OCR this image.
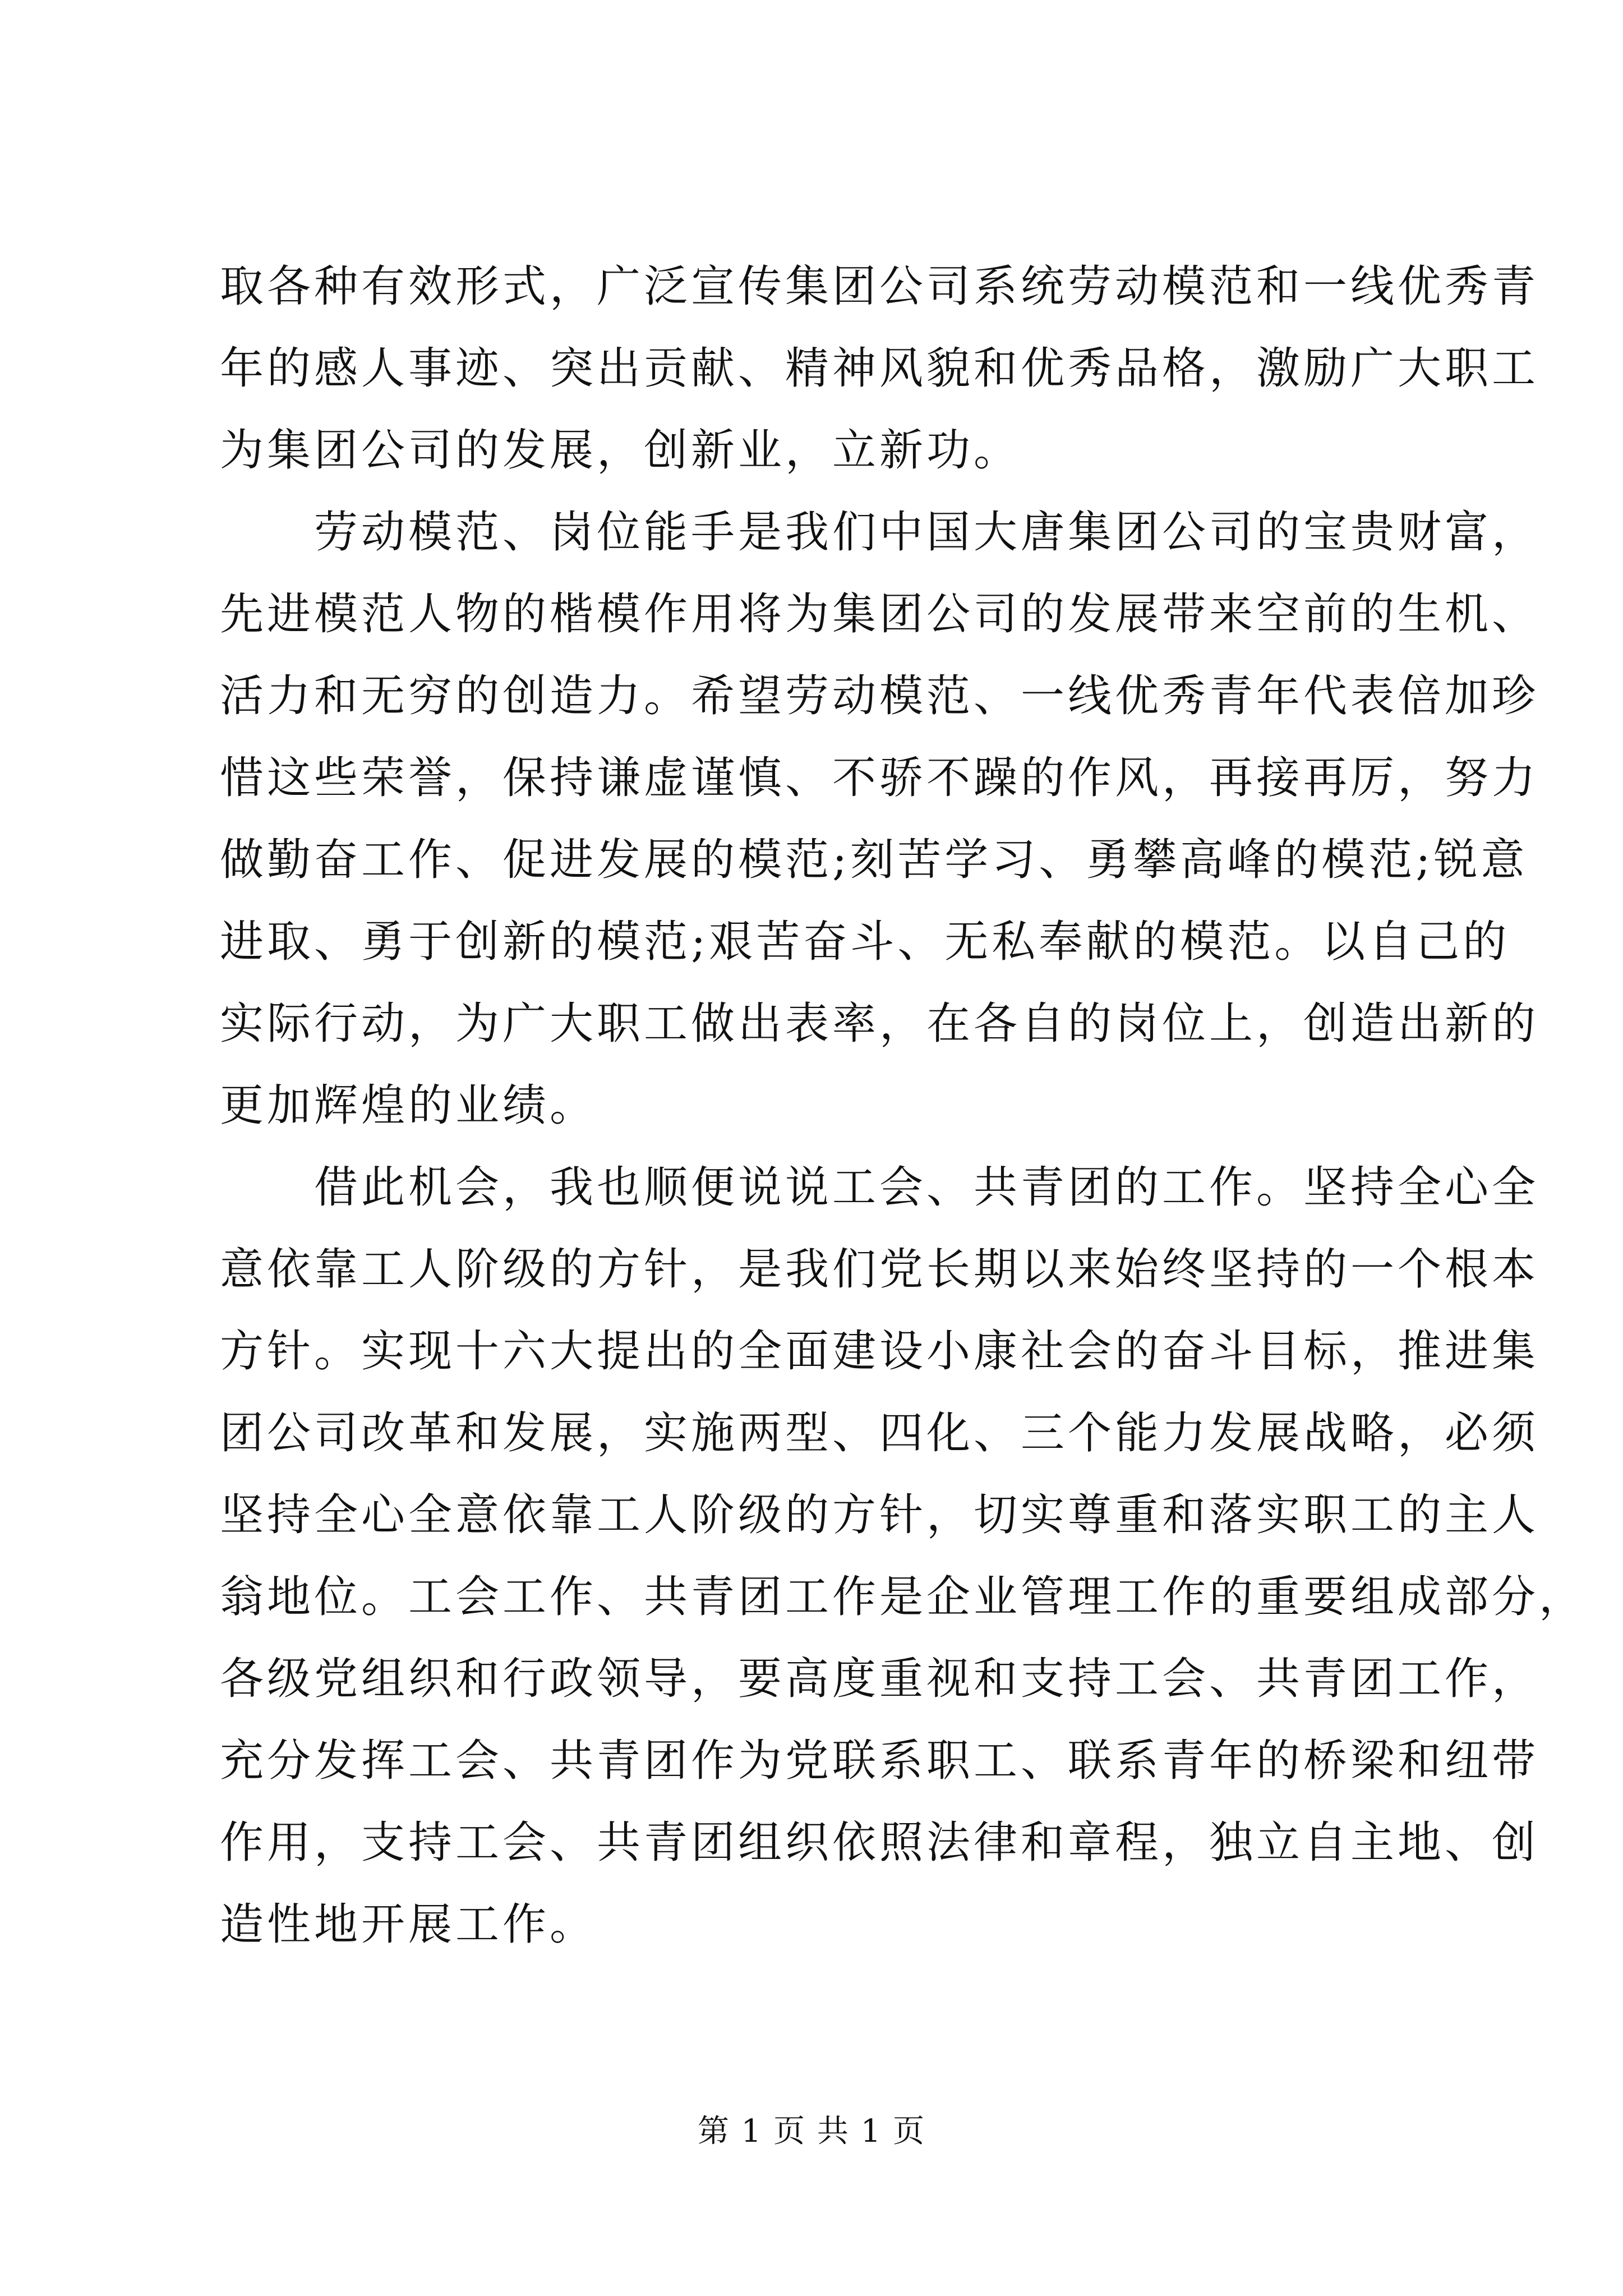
取各种有效形式，广泛宣传集团公司系统劳动模范和一线优秀青
年的感人事迹、突出贡献、精神风貌和优秀品格，激励广大职工
为集团公司的发展，创新业，立新功。
　　劳动模范、岗位能手是我们中国大唐集团公司的宝贵财富，
先进模范人物的楷模作用将为集团公司的发展带来空前的生机、
活力和无穷的创造力。希望劳动模范、一线优秀青年代表倍加珍
惜这些荣誉，保持谦虚谨慎、不骄不躁的作风，再接再厉，努力
做勤奋工作、促进发展的模范;刻苦学习、勇攀高峰的模范;锐意
进取、勇于创新的模范;艰苦奋斗、无私奉献的模范。以自己的
实际行动，为广大职工做出表率，在各自的岗位上，创造出新的
更加辉煌的业绩。
　　借此机会，我也顺便说说工会、共青团的工作。坚持全心全
意依靠工人阶级的方针，是我们党长期以来始终坚持的一个根本
方针。实现十六大提出的全面建设小康社会的奋斗目标，推进集
团公司改革和发展，实施两型、四化、三个能力发展战略，必须
坚持全心全意依靠工人阶级的方针，切实尊重和落实职工的主人
翁地位。工会工作、共青团工作是企业管理工作的重要组成部分，
各级党组织和行政领导，要高度重视和支持工会、共青团工作，
充分发挥工会、共青团作为党联系职工、联系青年的桥梁和纽带
作用，支持工会、共青团组织依照法律和章程，独立自主地、创
造性地开展工作。
第 1 页 共 1 页
